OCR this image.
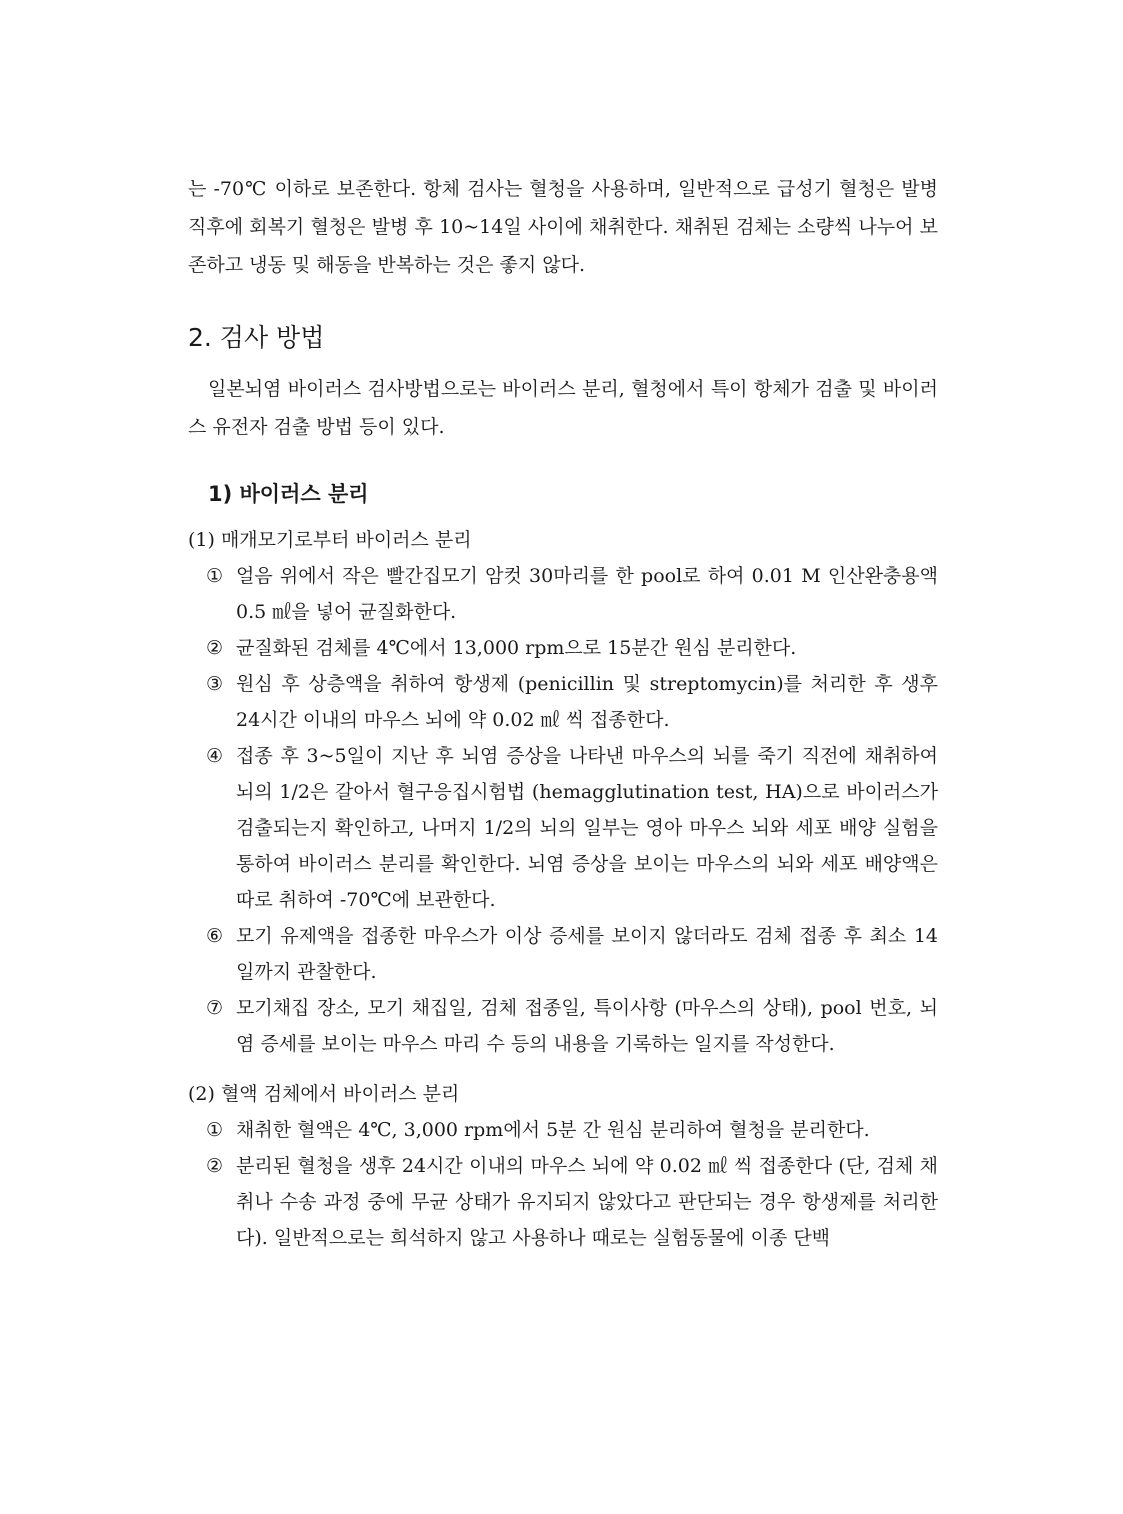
는 -70℃ 이하로 보존한다. 항체 검사는 혈청을 사용하며, 일반적으로 급성기 혈청은 발병 직후에 회복기 혈청은 발병 후 10~14일 사이에 채취한다. 채취된 검체는 소량씩 나누어 보존하고 냉동 및 해동을 반복하는 것은 좋지 않다.

2. 검사 방법

일본뇌염 바이러스 검사방법으로는 바이러스 분리, 혈청에서 특이 항체가 검출 및 바이러스 유전자 검출 방법 등이 있다.

1) 바이러스 분리

(1) 매개모기로부터 바이러스 분리

① 얼음 위에서 작은 빨간집모기 암컷 30마리를 한 pool로 하여 0.01 M 인산완충용액 0.5 ㎖을 넣어 균질화한다.
② 균질화된 검체를 4℃에서 13,000 rpm으로 15분간 원심 분리한다.
③ 원심 후 상층액을 취하여 항생제 (penicillin 및 streptomycin)를 처리한 후 생후 24시간 이내의 마우스 뇌에 약 0.02 ㎖ 씩 접종한다.
④ 접종 후 3~5일이 지난 후 뇌염 증상을 나타낸 마우스의 뇌를 죽기 직전에 채취하여 뇌의 1/2은 갈아서 혈구응집시험법 (hemagglutination test, HA)으로 바이러스가 검출되는지 확인하고, 나머지 1/2의 뇌의 일부는 영아 마우스 뇌와 세포 배양 실험을 통하여 바이러스 분리를 확인한다. 뇌염 증상을 보이는 마우스의 뇌와 세포 배양액은 따로 취하여 -70℃에 보관한다.
⑥ 모기 유제액을 접종한 마우스가 이상 증세를 보이지 않더라도 검체 접종 후 최소 14일까지 관찰한다.
⑦ 모기채집 장소, 모기 채집일, 검체 접종일, 특이사항 (마우스의 상태), pool 번호, 뇌염 증세를 보이는 마우스 마리 수 등의 내용을 기록하는 일지를 작성한다.

(2) 혈액 검체에서 바이러스 분리

① 채취한 혈액은 4℃, 3,000 rpm에서 5분 간 원심 분리하여 혈청을 분리한다.
② 분리된 혈청을 생후 24시간 이내의 마우스 뇌에 약 0.02 ㎖ 씩 접종한다 (단, 검체 채취나 수송 과정 중에 무균 상태가 유지되지 않았다고 판단되는 경우 항생제를 처리한다). 일반적으로는 희석하지 않고 사용하나 때로는 실험동물에 이종 단백
